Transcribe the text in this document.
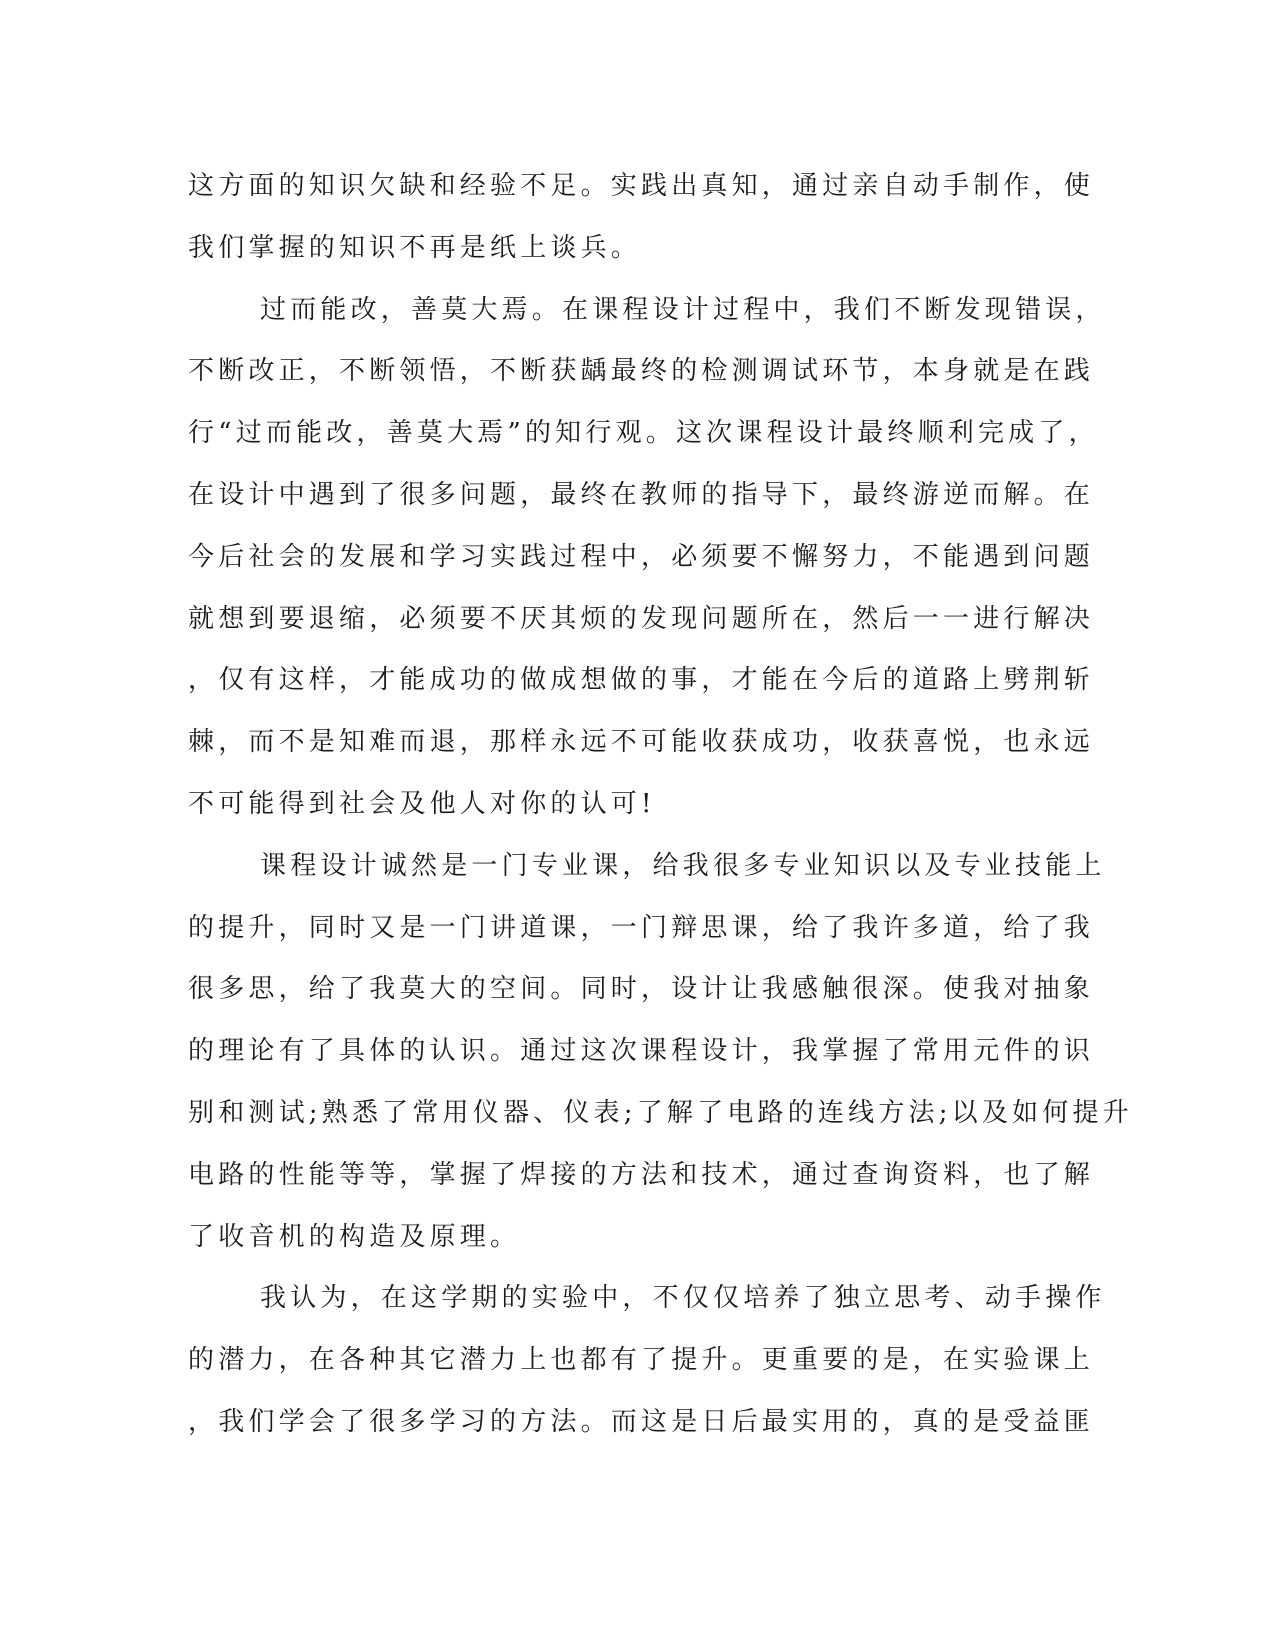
这方面的知识欠缺和经验不足。实践出真知，通过亲自动手制作，使
我们掌握的知识不再是纸上谈兵。
过而能改，善莫大焉。在课程设计过程中，我们不断发现错误，
不断改正，不断领悟，不断获龋最终的检测调试环节，本身就是在践
行“过而能改，善莫大焉”的知行观。这次课程设计最终顺利完成了，
在设计中遇到了很多问题，最终在教师的指导下，最终游逆而解。在
今后社会的发展和学习实践过程中，必须要不懈努力，不能遇到问题
就想到要退缩，必须要不厌其烦的发现问题所在，然后一一进行解决
，仅有这样，才能成功的做成想做的事，才能在今后的道路上劈荆斩
棘，而不是知难而退，那样永远不可能收获成功，收获喜悦，也永远
不可能得到社会及他人对你的认可!
课程设计诚然是一门专业课，给我很多专业知识以及专业技能上
的提升，同时又是一门讲道课，一门辩思课，给了我许多道，给了我
很多思，给了我莫大的空间。同时，设计让我感触很深。使我对抽象
的理论有了具体的认识。通过这次课程设计，我掌握了常用元件的识
别和测试;熟悉了常用仪器、仪表;了解了电路的连线方法;以及如何提升
电路的性能等等，掌握了焊接的方法和技术，通过查询资料，也了解
了收音机的构造及原理。
我认为，在这学期的实验中，不仅仅培养了独立思考、动手操作
的潜力，在各种其它潜力上也都有了提升。更重要的是，在实验课上
，我们学会了很多学习的方法。而这是日后最实用的，真的是受益匪
